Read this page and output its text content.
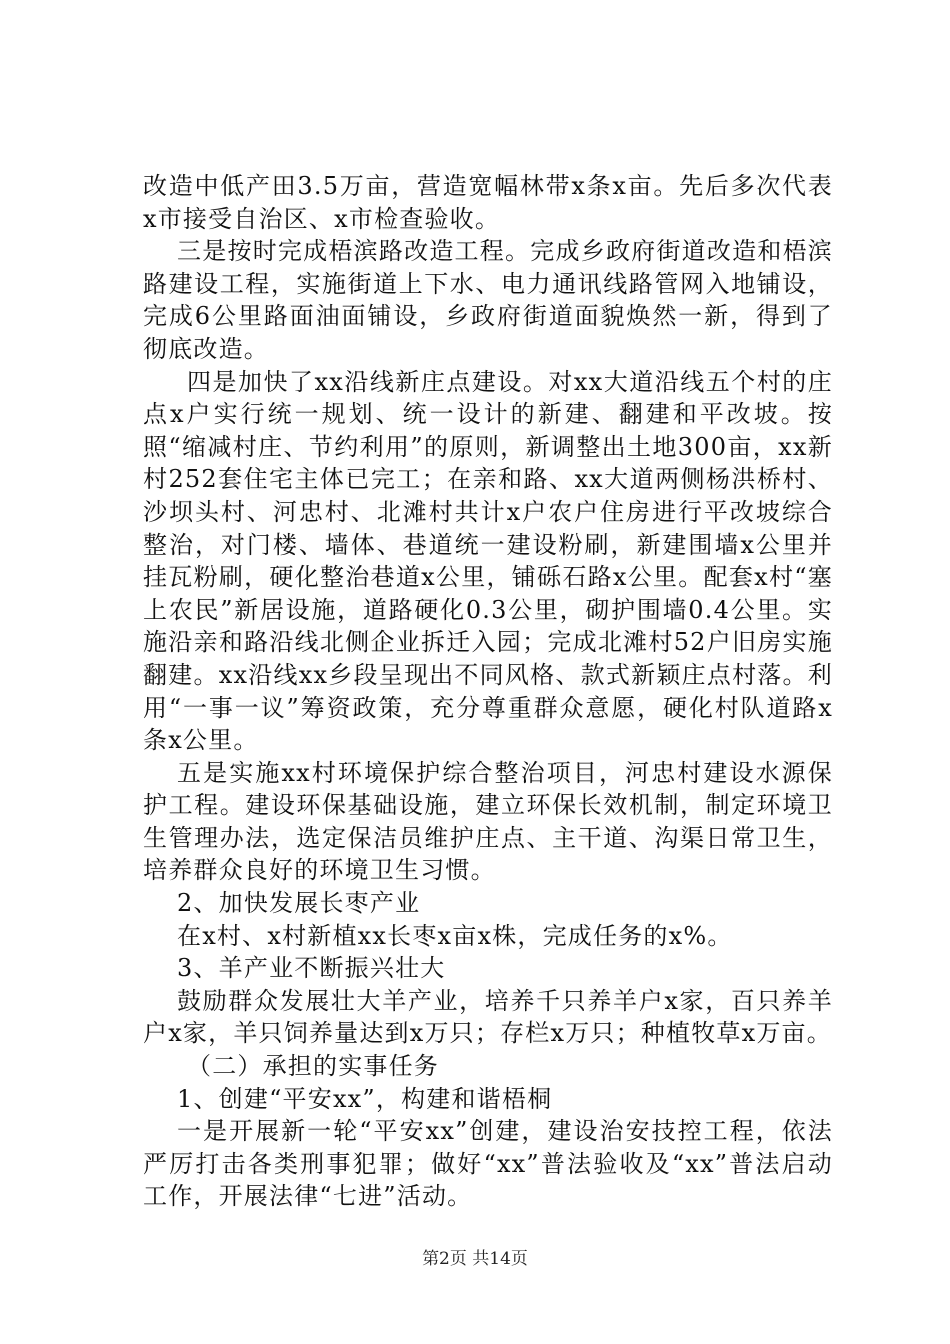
改造中低产田3.5万亩，营造宽幅林带x条x亩。先后多次代表x市接受自治区、x市检查验收。

三是按时完成梧滨路改造工程。完成乡政府街道改造和梧滨路建设工程，实施街道上下水、电力通讯线路管网入地铺设，完成6公里路面油面铺设，乡政府街道面貌焕然一新，得到了彻底改造。

四是加快了xx沿线新庄点建设。对xx大道沿线五个村的庄点x户实行统一规划、统一设计的新建、翻建和平改坡。按照“缩减村庄、节约利用”的原则，新调整出土地300亩，xx新村252套住宅主体已完工；在亲和路、xx大道两侧杨洪桥村、沙坝头村、河忠村、北滩村共计x户农户住房进行平改坡综合整治，对门楼、墙体、巷道统一建设粉刷，新建围墙x公里并挂瓦粉刷，硬化整治巷道x公里，铺砾石路x公里。配套x村“塞上农民”新居设施，道路硬化0.3公里，砌护围墙0.4公里。实施沿亲和路沿线北侧企业拆迁入园；完成北滩村52户旧房实施翻建。xx沿线xx乡段呈现出不同风格、款式新颖庄点村落。利用“一事一议”筹资政策，充分尊重群众意愿，硬化村队道路x条x公里。

五是实施xx村环境保护综合整治项目，河忠村建设水源保护工程。建设环保基础设施，建立环保长效机制，制定环境卫生管理办法，选定保洁员维护庄点、主干道、沟渠日常卫生，培养群众良好的环境卫生习惯。

2、加快发展长枣产业

在x村、x村新植xx长枣x亩x株，完成任务的x%。

3、羊产业不断振兴壮大

鼓励群众发展壮大羊产业，培养千只养羊户x家，百只养羊户x家，羊只饲养量达到x万只；存栏x万只；种植牧草x万亩。

（二）承担的实事任务

1、创建“平安xx”，构建和谐梧桐

一是开展新一轮“平安xx”创建，建设治安技控工程，依法严厉打击各类刑事犯罪；做好“xx”普法验收及“xx”普法启动工作，开展法律“七进”活动。

第2页 共14页
